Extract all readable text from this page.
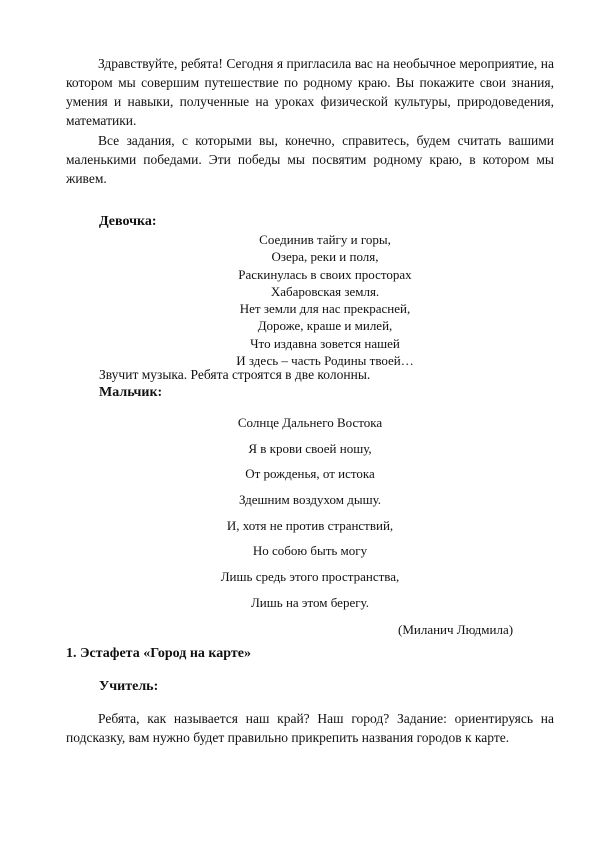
Здравствуйте, ребята! Сегодня я пригласила вас на необычное мероприятие, на котором мы совершим путешествие по родному краю. Вы покажите свои знания, умения и навыки, полученные на уроках физической культуры, природоведения, математики.

Все задания, с которыми вы, конечно, справитесь, будем считать вашими маленькими победами. Эти победы мы посвятим родному краю, в котором мы живем.

Девочка:

Соединив тайгу и горы,
Озера, реки и поля,
Раскинулась в своих просторах
Хабаровская земля.
Нет земли для нас прекрасней,
Дороже, краше и милей,
Что издавна зовется нашей
И здесь – часть Родины твоей…

Звучит музыка. Ребята строятся в две колонны.

Мальчик:

Солнце Дальнего Востока
Я в крови своей ношу,
От рожденья, от истока
Здешним воздухом дышу.
И, хотя не против странствий,
Но собою быть могу
Лишь средь этого пространства,
Лишь на этом берегу.

(Миланич Людмила)

1. Эстафета «Город на карте»

Учитель:

Ребята, как называется наш край? Наш город? Задание: ориентируясь на подсказку, вам нужно будет правильно прикрепить названия городов к карте.
